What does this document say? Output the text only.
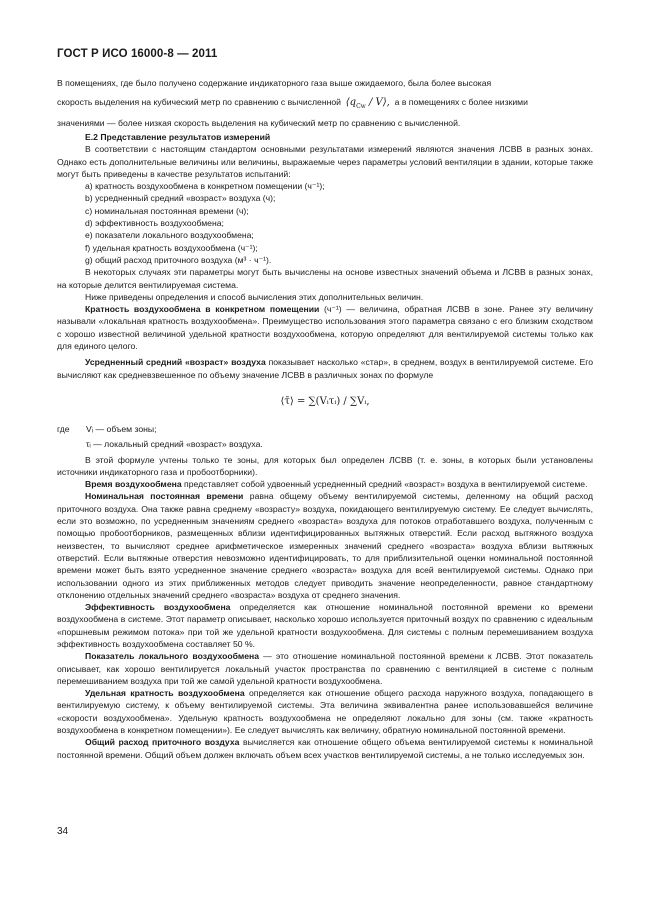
ГОСТ Р ИСО 16000-8 — 2011

В помещениях, где было получено содержание индикаторного газа выше ожидаемого, была более высокая

скорость выделения на кубический метр по сравнению с вычисленной $⟨q_{Cw}$ / V⟩, а в помещениях с более низкими

значениями — более низкая скорость выделения на кубический метр по сравнению с вычисленной.

Е.2 Представление результатов измерений

В соответствии с настоящим стандартом основными результатами измерений являются значения ЛСВВ в разных зонах. Однако есть дополнительные величины или величины, выражаемые через параметры условий вентиляции в здании, которые также могут быть приведены в качестве результатов испытаний:

a) кратность воздухообмена в конкретном помещении (ч⁻¹);

b) усредненный средний «возраст» воздуха (ч);

c) номинальная постоянная времени (ч);

d) эффективность воздухообмена;

e) показатели локального воздухообмена;

f) удельная кратность воздухообмена (ч⁻¹);

g) общий расход приточного воздуха (м³ · ч⁻¹).

В некоторых случаях эти параметры могут быть вычислены на основе известных значений объема и ЛСВВ в разных зонах, на которые делится вентилируемая система.

Ниже приведены определения и способ вычисления этих дополнительных величин.

Кратность воздухообмена в конкретном помещении (ч⁻¹) — величина, обратная ЛСВВ в зоне. Ранее эту величину называли «локальная кратность воздухообмена». Преимущество использования этого параметра связано с его близким сходством с хорошо известной величиной удельной кратности воздухообмена, которую определяют для вентилируемой системы только как для единого целого.

Усредненный средний «возраст» воздуха показывает насколько «стар», в среднем, воздух в вентилируемой системе. Его вычисляют как средневзвешенное по объему значение ЛСВВ в различных зонах по формуле

⟨τ̄⟩ = ∑(Vᵢτᵢ) / ∑Vᵢ,

где Vᵢ — объем зоны;
τᵢ — локальный средний «возраст» воздуха.

В этой формуле учтены только те зоны, для которых был определен ЛСВВ (т. е. зоны, в которых были установлены источники индикаторного газа и пробоотборники).

Время воздухообмена представляет собой удвоенный усредненный средний «возраст» воздуха в вентилируемой системе.

Номинальная постоянная времени равна общему объему вентилируемой системы, деленному на общий расход приточного воздуха. Она также равна среднему «возрасту» воздуха, покидающего вентилируемую систему. Ее следует вычислять, если это возможно, по усредненным значениям среднего «возраста» воздуха для потоков отработавшего воздуха, полученным с помощью пробоотборников, размещенных вблизи идентифицированных вытяжных отверстий. Если расход вытяжного воздуха неизвестен, то вычисляют среднее арифметическое измеренных значений среднего «возраста» воздуха вблизи вытяжных отверстий. Если вытяжные отверстия невозможно идентифицировать, то для приблизительной оценки номинальной постоянной времени может быть взято усредненное значение среднего «возраста» воздуха для всей вентилируемой системы. Однако при использовании одного из этих приближенных методов следует приводить значение неопределенности, равное стандартному отклонению отдельных значений среднего «возраста» воздуха от среднего значения.

Эффективность воздухообмена определяется как отношение номинальной постоянной времени ко времени воздухообмена в системе. Этот параметр описывает, насколько хорошо используется приточный воздух по сравнению с идеальным «поршневым режимом потока» при той же удельной кратности воздухообмена. Для системы с полным перемешиванием воздуха эффективность воздухообмена составляет 50 %.

Показатель локального воздухообмена — это отношение номинальной постоянной времени к ЛСВВ. Этот показатель описывает, как хорошо вентилируется локальный участок пространства по сравнению с вентиляцией в системе с полным перемешиванием воздуха при той же самой удельной кратности воздухообмена.

Удельная кратность воздухообмена определяется как отношение общего расхода наружного воздуха, попадающего в вентилируемую систему, к объему вентилируемой системы. Эта величина эквивалентна ранее использовавшейся величине «скорости воздухообмена». Удельную кратность воздухообмена не определяют локально для зоны (см. также «кратность воздухообмена в конкретном помещении»). Ее следует вычислять как величину, обратную номинальной постоянной времени.

Общий расход приточного воздуха вычисляется как отношение общего объема вентилируемой системы к номинальной постоянной времени. Общий объем должен включать объем всех участков вентилируемой системы, а не только исследуемых зон.

34
